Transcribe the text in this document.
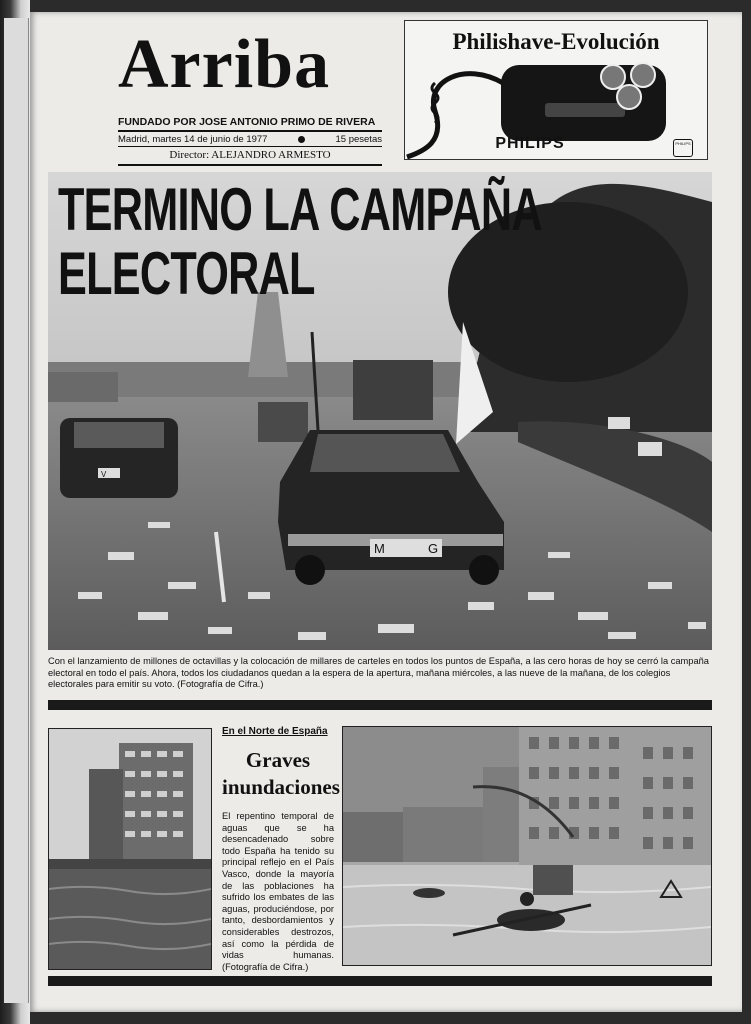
Arriba
FUNDADO POR JOSE ANTONIO PRIMO DE RIVERA
Madrid, martes 14 de junio de 1977	15 pesetas
Director: ALEJANDRO ARMESTO
Philishave-Evolución
PHILIPS	PHILIPS
V
M	G
TERMINO LA CAMPAÑA
ELECTORAL
Con el lanzamiento de millones de octavillas y la colocación de millares de carteles en todos los puntos de España, a las cero horas de hoy se cerró la campaña electoral en todo el país. Ahora, todos los ciudadanos quedan a la espera de la apertura, mañana miércoles, a las nueve de la mañana, de los colegios electorales para emitir su voto. (Fotografía de Cifra.)
En el Norte de España
Graves
inundaciones
El repentino temporal de aguas que se ha desencadenado sobre todo España ha tenido su principal reflejo en el País Vasco, donde la mayoría de las poblaciones ha sufrido los embates de las aguas, produciéndose, por tanto, desbordamientos y considerables destrozos, así como la pérdida de vidas humanas. (Fotografía de Cifra.)
